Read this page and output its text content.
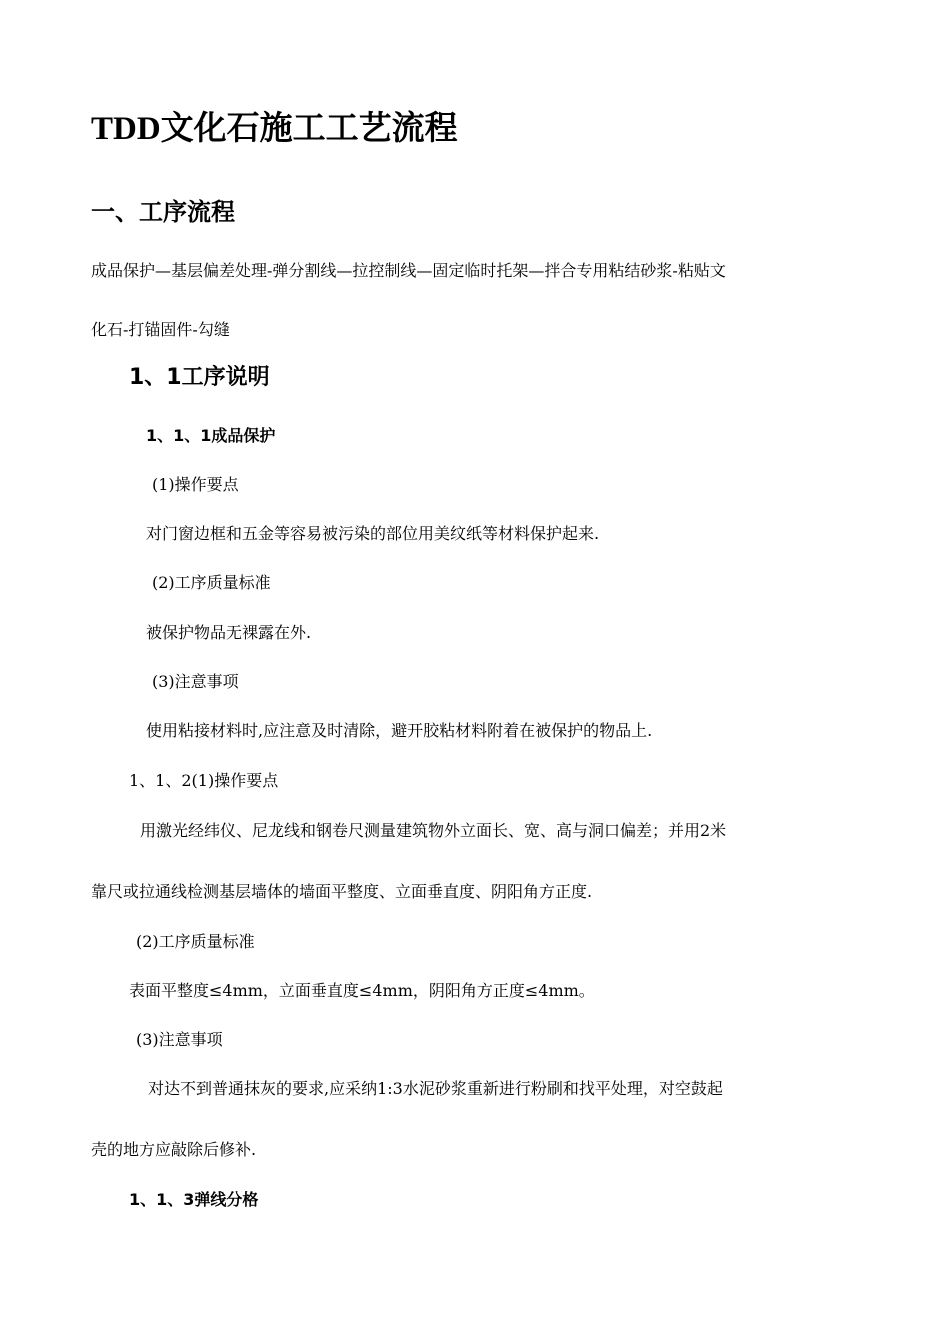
TDD文化石施工工艺流程
一、工序流程

成品保护—基层偏差处理-弹分割线—拉控制线—固定临时托架—拌合专用粘结砂浆-粘贴文

化石-打锚固件-勾缝

1、1工序说明
1、1、1成品保护

(1)操作要点

对门窗边框和五金等容易被污染的部位用美纹纸等材料保护起来.

(2)工序质量标准

被保护物品无裸露在外.

(3)注意事项

使用粘接材料时,应注意及时清除，避开胶粘材料附着在被保护的物品上.

1、1、2(1)操作要点

用激光经纬仪、尼龙线和钢卷尺测量建筑物外立面长、宽、高与洞口偏差；并用2米

靠尺或拉通线检测基层墙体的墙面平整度、立面垂直度、阴阳角方正度.

(2)工序质量标准

表面平整度≤4mm，立面垂直度≤4mm，阴阳角方正度≤4mm。

(3)注意事项

对达不到普通抹灰的要求,应采纳1:3水泥砂浆重新进行粉刷和找平处理，对空鼓起

壳的地方应敲除后修补.

1、1、3弹线分格
